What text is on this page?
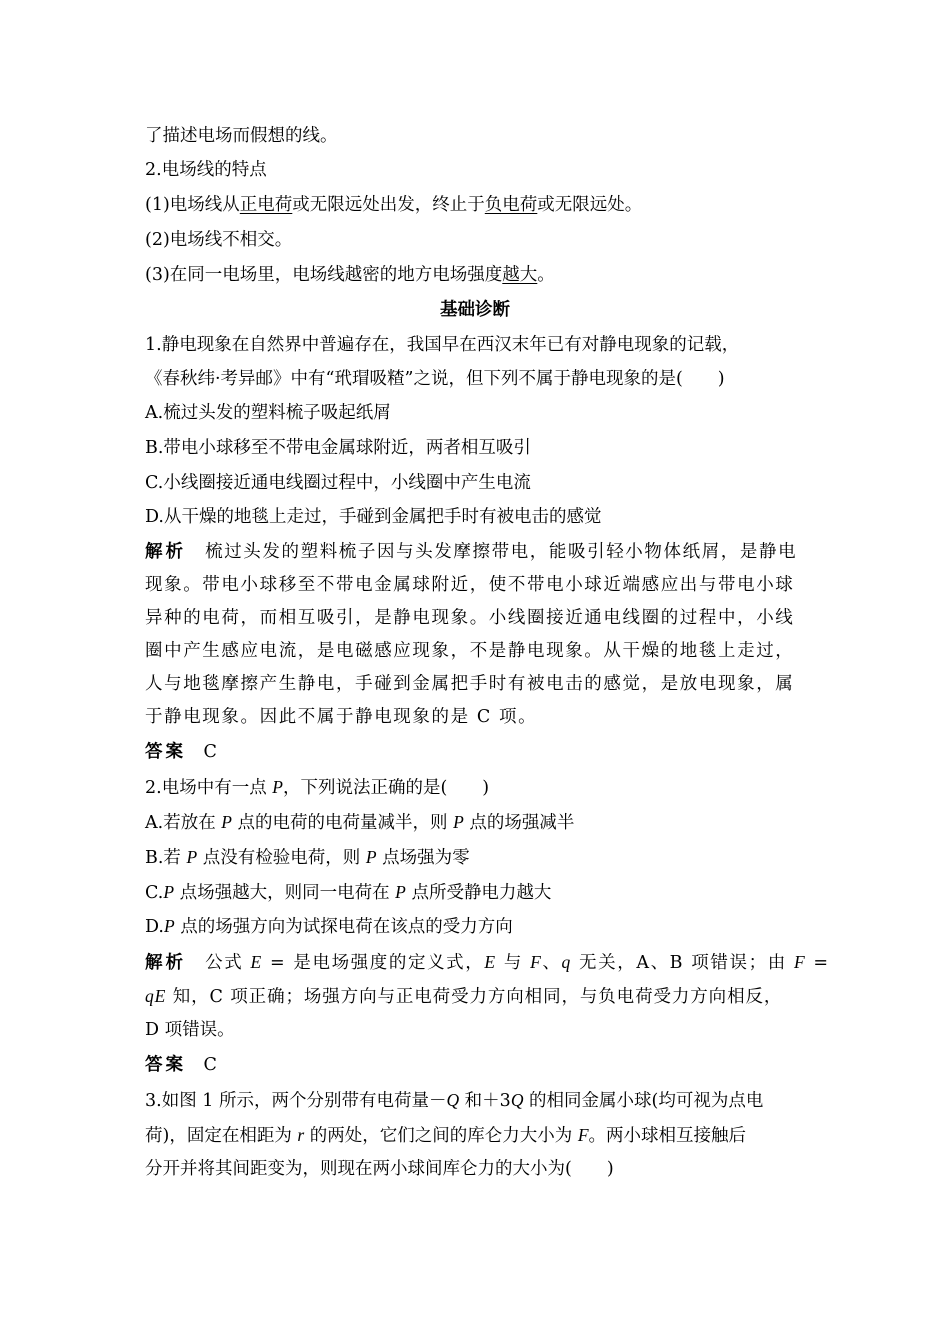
了描述电场而假想的线。
2.电场线的特点
(1)电场线从正电荷或无限远处出发，终止于负电荷或无限远处。
(2)电场线不相交。
(3)在同一电场里，电场线越密的地方电场强度越大。
基础诊断
1.静电现象在自然界中普遍存在，我国早在西汉末年已有对静电现象的记载，
《春秋纬·考异邮》中有“玳瑁吸𥻗”之说，但下列不属于静电现象的是(　　)
A.梳过头发的塑料梳子吸起纸屑
B.带电小球移至不带电金属球附近，两者相互吸引
C.小线圈接近通电线圈过程中，小线圈中产生电流
D.从干燥的地毯上走过，手碰到金属把手时有被电击的感觉
解析　 梳过头发的塑料梳子因与头发摩擦带电，能吸引轻小物体纸屑，是静电
现象。带电小球移至不带电金属球附近，使不带电小球近端感应出与带电小球
异种的电荷，而相互吸引，是静电现象。小线圈接近通电线圈的过程中，小线
圈中产生感应电流，是电磁感应现象，不是静电现象。从干燥的地毯上走过，
人与地毯摩擦产生静电，手碰到金属把手时有被电击的感觉，是放电现象，属
于静电现象。因此不属于静电现象的是 C 项。
答案　 C
2.电场中有一点 P，下列说法正确的是(　　)
A.若放在 P 点的电荷的电荷量减半，则 P 点的场强减半
B.若 P 点没有检验电荷，则 P 点场强为零
C.P 点场强越大，则同一电荷在 P 点所受静电力越大
D.P 点的场强方向为试探电荷在该点的受力方向
解析　 公式 E = 是电场强度的定义式，E 与 F、q 无关，A、B 项错误；由 F =
qE 知，C 项正确；场强方向与正电荷受力方向相同，与负电荷受力方向相反，
D 项错误。
答案　 C
3.如图 1 所示，两个分别带有电荷量－Q 和＋3Q 的相同金属小球(均可视为点电
荷)，固定在相距为 r 的两处，它们之间的库仑力大小为 F。两小球相互接触后
分开并将其间距变为，则现在两小球间库仑力的大小为(　　)
